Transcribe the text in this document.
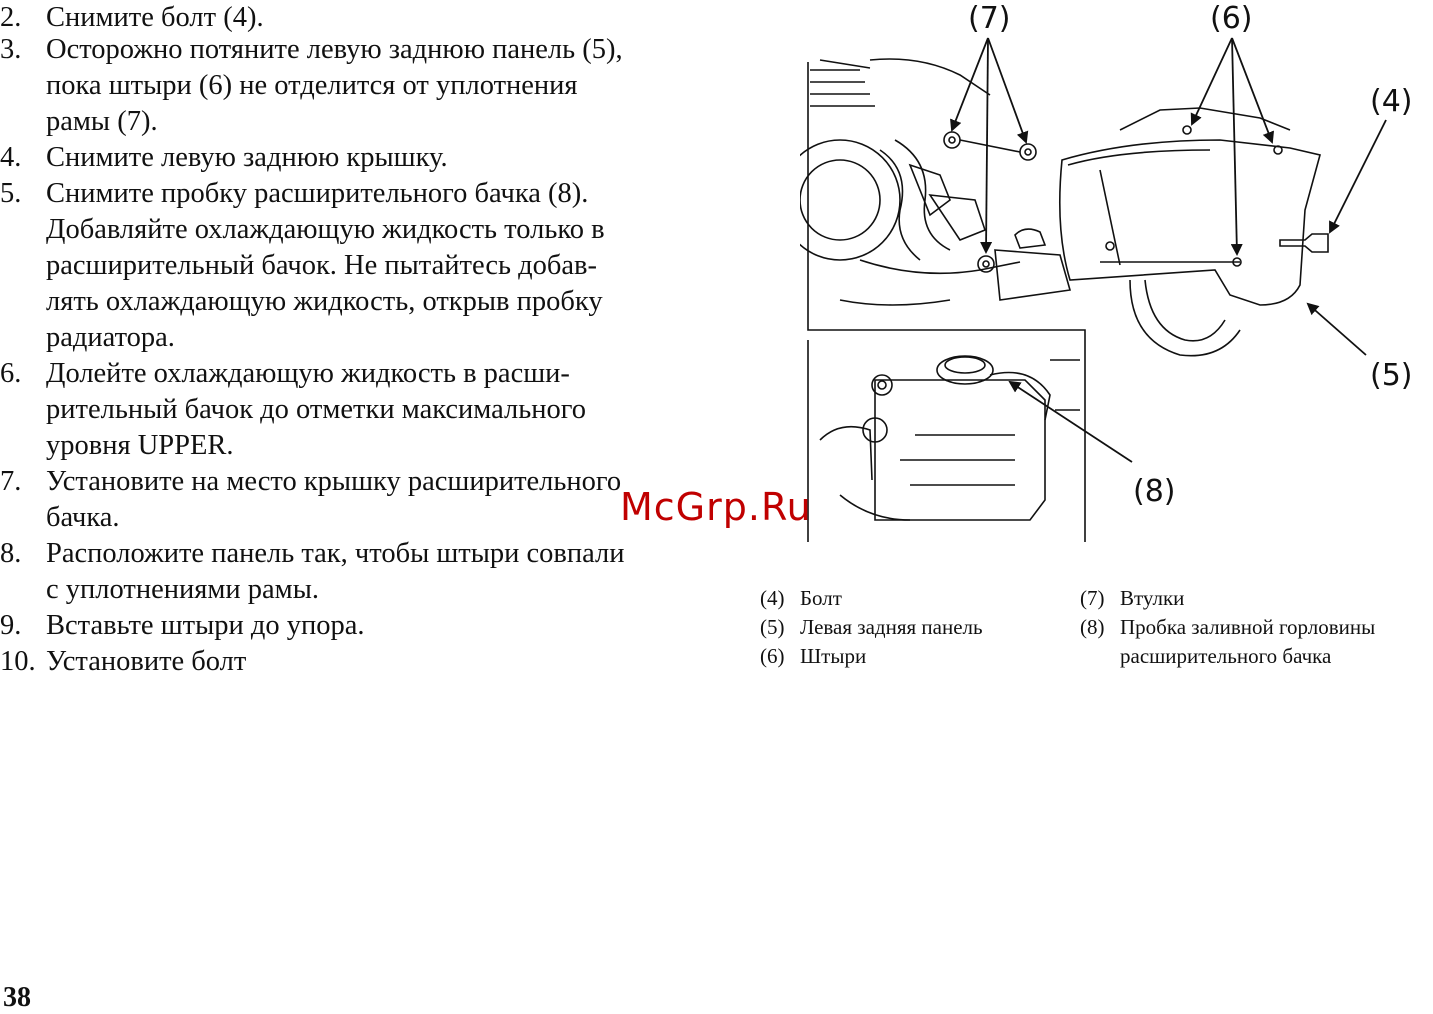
2. Снимите болт (4).
3. Осторожно потяните левую заднюю панель (5),
пока штыри (6) не отделится от уплотнения
рамы (7).
4. Снимите левую заднюю крышку.
5. Снимите пробку расширительного бачка (8).
Добавляйте охлаждающую жидкость только в
расширительный бачок. Не пытайтесь добав-
лять охлаждающую жидкость, открыв пробку
радиатора.
6. Долейте охлаждающую жидкость в расши-
рительный бачок до отметки максимального
уровня UPPER.
7. Установите на место крышку расширительного
бачка.
8. Расположите панель так, чтобы штыри совпали
с уплотнениями рамы.
9. Вставьте штыри до упора.
10. Установите болт
(7)	(6)
(4)
(5)
(8)
McGrp.Ru
(4) Болт
(5) Левая задняя панель
(6) Штыри
(7) Втулки
(8) Пробка заливной горловины
расширительного бачка
38
